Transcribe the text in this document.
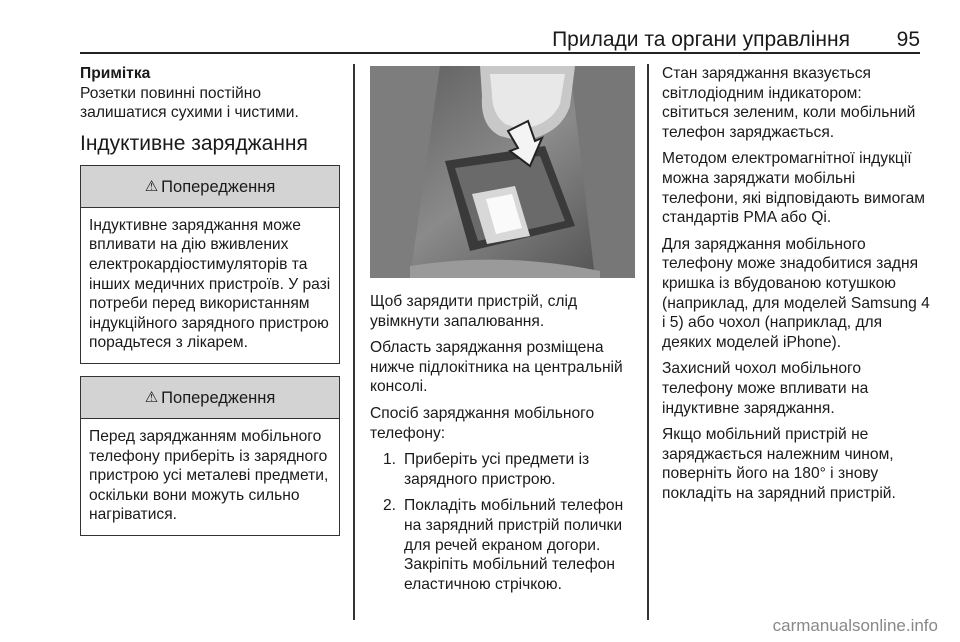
Прилади та органи управління 95
Примітка

Розетки повинні постійно залишатися сухими і чистими.

Індуктивне заряджання
⚠ Попередження
Індуктивне заряджання може впливати на дію вживлених електрокардіостимуляторів та інших медичних пристроїв. У разі потреби перед використанням індукційного зарядного пристрою порадьтеся з лікарем.
⚠ Попередження
Перед заряджанням мобільного телефону приберіть із зарядного пристрою усі металеві предмети, оскільки вони можуть сильно нагріватися.

Щоб зарядити пристрій, слід увімкнути запалювання.

Область заряджання розміщена нижче підлокітника на центральній консолі.

Спосіб заряджання мобільного телефону:

1. Приберіть усі предмети із зарядного пристрою.
2. Покладіть мобільний телефон на зарядний пристрій полички для речей екраном догори. Закріпіть мобільний телефон еластичною стрічкою.

Стан заряджання вказується світлодіодним індикатором: світиться зеленим, коли мобільний телефон заряджається.

Методом електромагнітної індукції можна заряджати мобільні телефони, які відповідають вимогам стандартів PMA або Qi.

Для заряджання мобільного телефону може знадобитися задня кришка із вбудованою котушкою (наприклад, для моделей Samsung 4 і 5) або чохол (наприклад, для деяких моделей iPhone).

Захисний чохол мобільного телефону може впливати на індуктивне заряджання.

Якщо мобільний пристрій не заряджається належним чином, поверніть його на 180° і знову покладіть на зарядний пристрій.

carmanualsonline.info
